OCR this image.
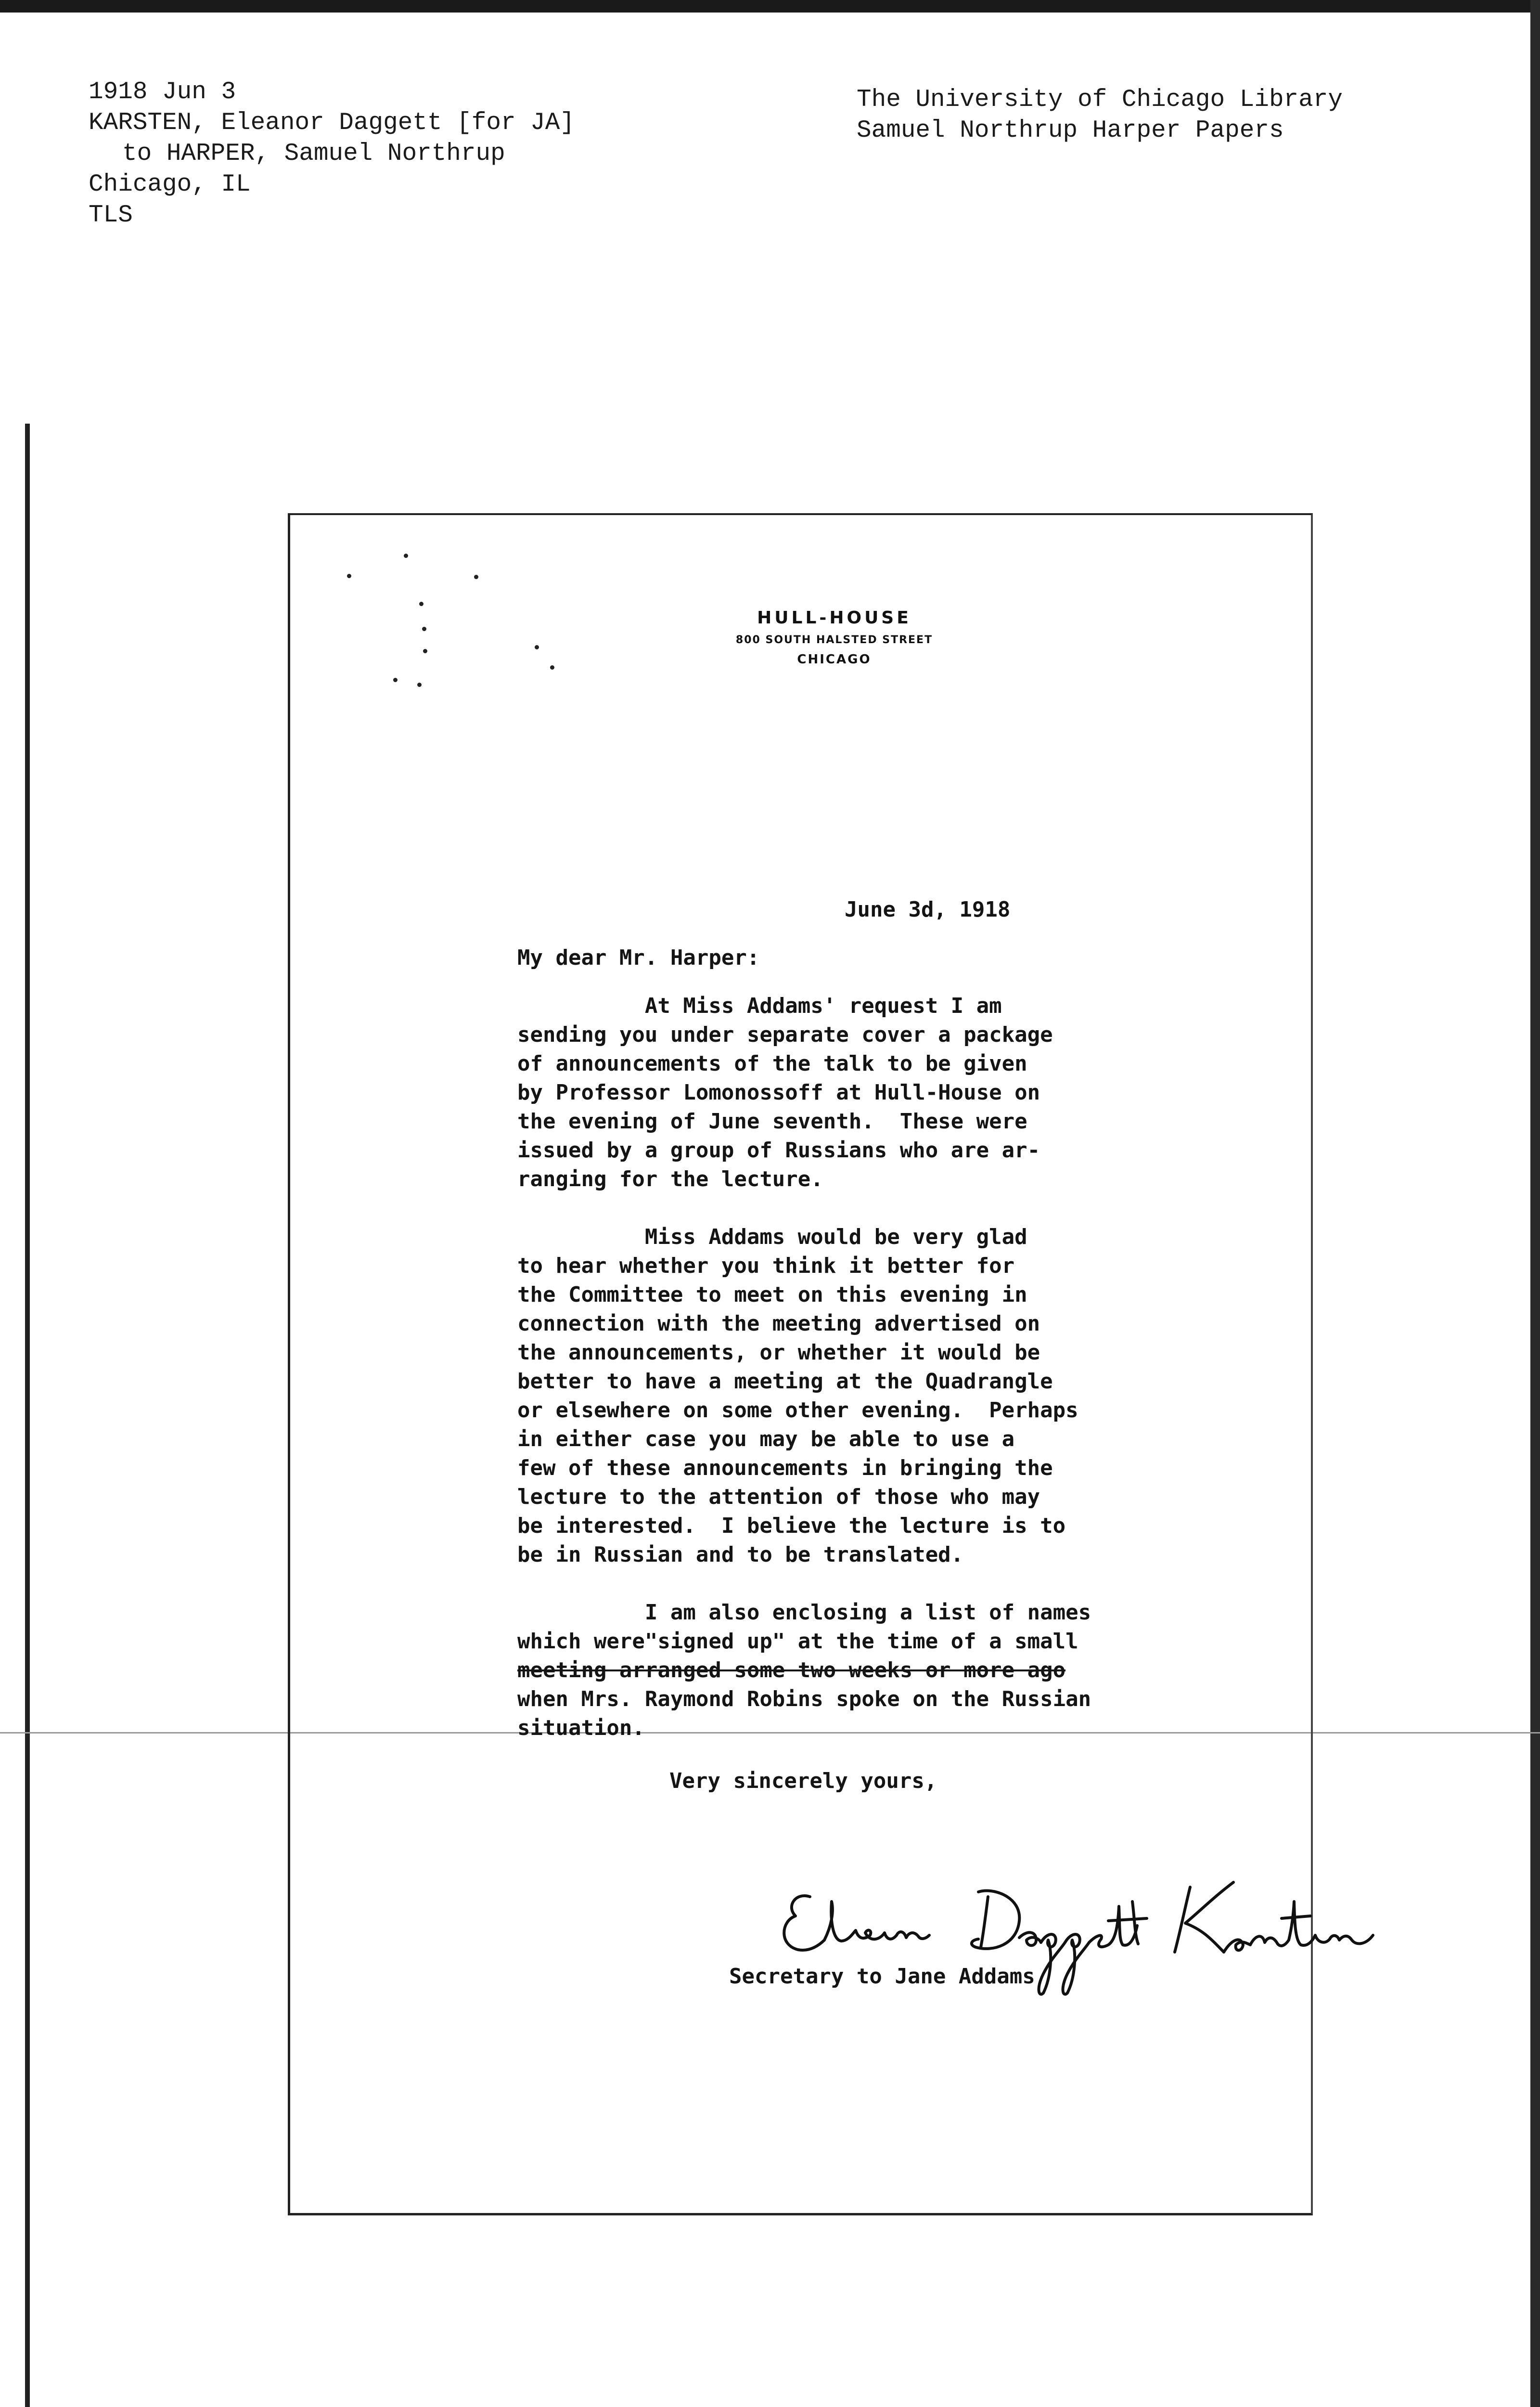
1918 Jun 3
KARSTEN, Eleanor Daggett [for JA]
to HARPER, Samuel Northrup
Chicago, IL
TLS
The University of Chicago Library
Samuel Northrup Harper Papers
HULL-HOUSE
800 SOUTH HALSTED STREET
CHICAGO
June 3d, 1918
My dear Mr. Harper:
At Miss Addams' request I am
sending you under separate cover a package
of announcements of the talk to be given
by Professor Lomonossoff at Hull-House on
the evening of June seventh.  These were
issued by a group of Russians who are ar-
ranging for the lecture.
Miss Addams would be very glad
to hear whether you think it better for
the Committee to meet on this evening in
connection with the meeting advertised on
the announcements, or whether it would be
better to have a meeting at the Quadrangle
or elsewhere on some other evening.  Perhaps
in either case you may be able to use a
few of these announcements in bringing the
lecture to the attention of those who may
be interested.  I believe the lecture is to
be in Russian and to be translated.
I am also enclosing a list of names
which were"signed up" at the time of a small
meeting arranged some two weeks or more ago
when Mrs. Raymond Robins spoke on the Russian
situation.
Very sincerely yours,
Eleanor Daggett Karsten
Secretary to Jane Addams
